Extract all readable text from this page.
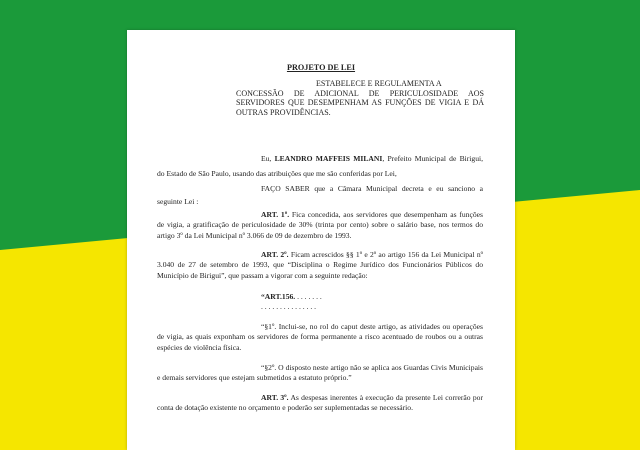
PROJETO DE LEI

ESTABELECE E REGULAMENTA A
CONCESSÃO DE ADICIONAL DE PERICULOSIDADE AOS SERVIDORES QUE DESEMPENHAM AS FUNÇÕES DE VIGIA E DÁ OUTRAS PROVIDÊNCIAS.

Eu, LEANDRO MAFFEIS MILANI, Prefeito Municipal de Birigui, do Estado de São Paulo, usando das atribuições que me são conferidas por Lei,

FAÇO SABER que a Câmara Municipal decreta e eu sanciono a seguinte Lei :

ART. 1º. Fica concedida, aos servidores que desempenham as funções de vigia, a gratificação de periculosidade de 30% (trinta por cento) sobre o salário base, nos termos do artigo 3º da Lei Municipal nº 3.066 de 09 de dezembro de 1993.

ART. 2º. Ficam acrescidos §§ 1º e 2º ao artigo 156 da Lei Municipal nº 3.040 de 27 de setembro de 1993, que “Disciplina o Regime Jurídico dos Funcionários Públicos do Município de Birigui”, que passam a vigorar com a seguinte redação:

“ART.156. . . . . . . .
. . . . . . . . . . . . . . .

“§1º. Inclui-se, no rol do caput deste artigo, as atividades ou operações de vigia, as quais exponham os servidores de forma permanente a risco acentuado de roubos ou a outras espécies de violência física.

“§2º. O disposto neste artigo não se aplica aos Guardas Civis Municipais e demais servidores que estejam submetidos a estatuto próprio.”

ART. 3º. As despesas inerentes à execução da presente Lei correrão por conta de dotação existente no orçamento e poderão ser suplementadas se necessário.
